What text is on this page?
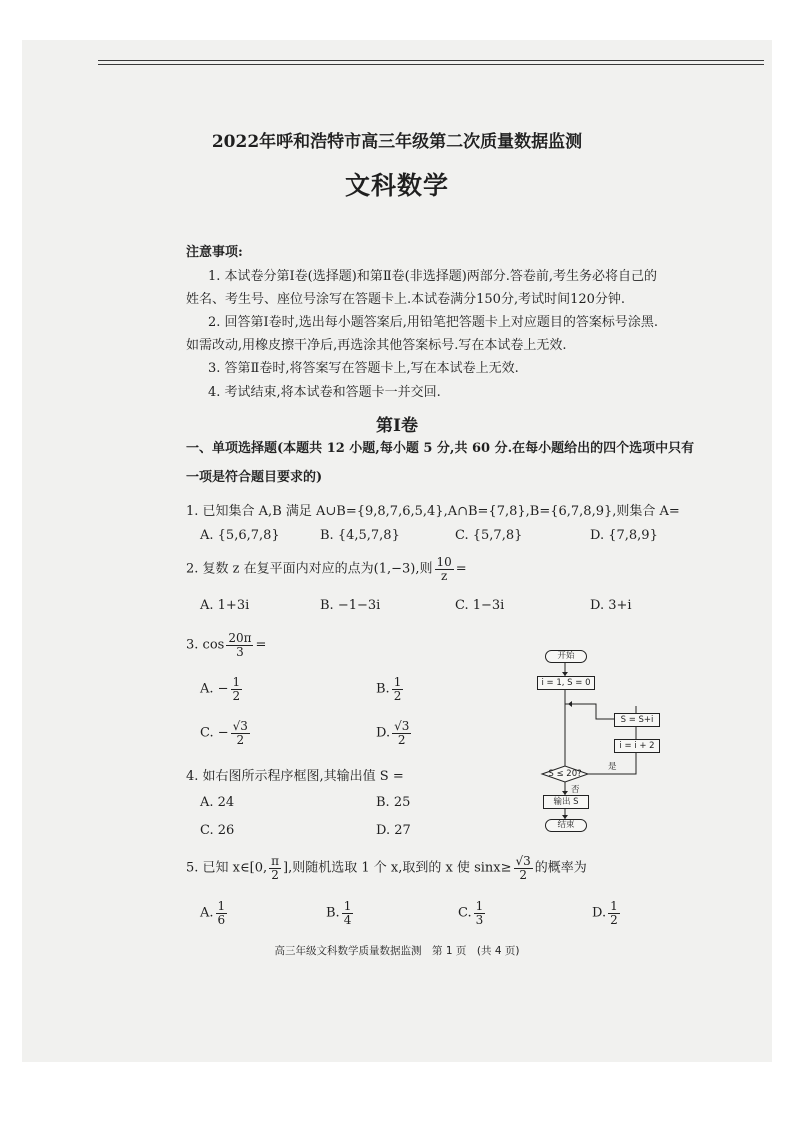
2022年呼和浩特市高三年级第二次质量数据监测
文科数学
注意事项:
1. 本试卷分第Ⅰ卷(选择题)和第Ⅱ卷(非选择题)两部分.答卷前,考生务必将自己的
姓名、考生号、座位号涂写在答题卡上.本试卷满分150分,考试时间120分钟.
2. 回答第Ⅰ卷时,选出每小题答案后,用铅笔把答题卡上对应题目的答案标号涂黑.
如需改动,用橡皮擦干净后,再选涂其他答案标号.写在本试卷上无效.
3. 答第Ⅱ卷时,将答案写在答题卡上,写在本试卷上无效.
4. 考试结束,将本试卷和答题卡一并交回.
第Ⅰ卷
一、单项选择题(本题共 12 小题,每小题 5 分,共 60 分.在每小题给出的四个选项中只有
一项是符合题目要求的)
1. 已知集合 A,B 满足 A∪B={9,8,7,6,5,4},A∩B={7,8},B={6,7,8,9},则集合 A=
A. {5,6,7,8}	B. {4,5,7,8}	C. {5,7,8}	D. {7,8,9}
2. 复数 z 在复平面内对应的点为(1,−3),则 $\frac{10}{z}$ =
A. 1+3i	B. −1−3i	C. 1−3i	D. 3+i
3. $\cos \frac{20\pi}{3}$ =
A. − $\frac{1}{2}$	B. $\frac{1}{2}$
C. − $\frac{√3}{2}$	D. $\frac{√3}{2}$
4. 如右图所示程序框图,其输出值 S =
A. 24	B. 25
C. 26	D. 27
开始
i = 1, S = 0
S = S+i
i = i + 2
S ≤ 20?
是
否
输出 S
结束
5. 已知 x∈[0, $\frac{\pi}{2}$ ],则随机选取 1 个 x,取到的 x 使 $\sin x\ge \frac{√3}{2}$ 的概率为
A. $\frac{1}{6}$	B. $\frac{1}{4}$	C. $\frac{1}{3}$	D. $\frac{1}{2}$
高三年级文科数学质量数据监测　第 1 页　(共 4 页)
